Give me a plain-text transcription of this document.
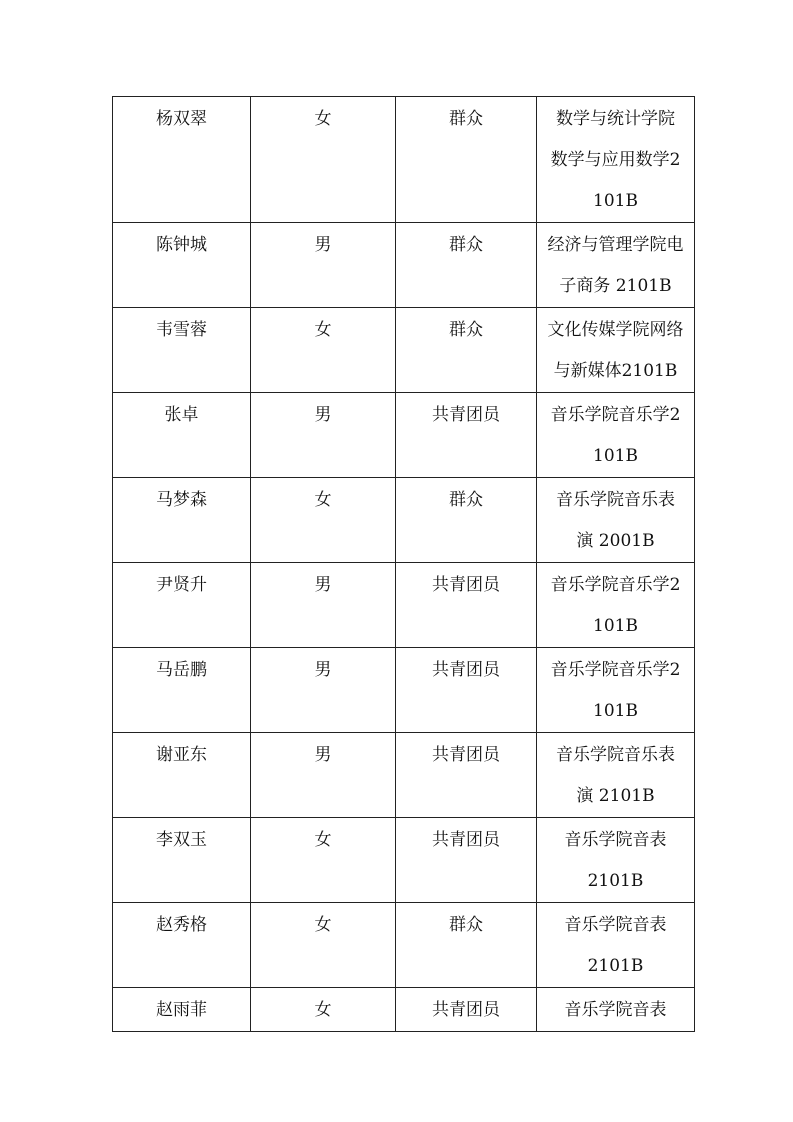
杨双翠	女	群众	数学与统计学院数学与应用数学2101B

陈钟城	男	群众	经济与管理学院电子商务 2101B

韦雪蓉	女	群众	文化传媒学院网络与新媒体2101B

张卓	男	共青团员	音乐学院音乐学2101B

马梦森	女	群众	音乐学院音乐表演 2001B

尹贤升	男	共青团员	音乐学院音乐学2101B

马岳鹏	男	共青团员	音乐学院音乐学2101B

谢亚东	男	共青团员	音乐学院音乐表演 2101B

李双玉	女	共青团员	音乐学院音表2101B

赵秀格	女	群众	音乐学院音表2101B

赵雨菲	女	共青团员	音乐学院音表
